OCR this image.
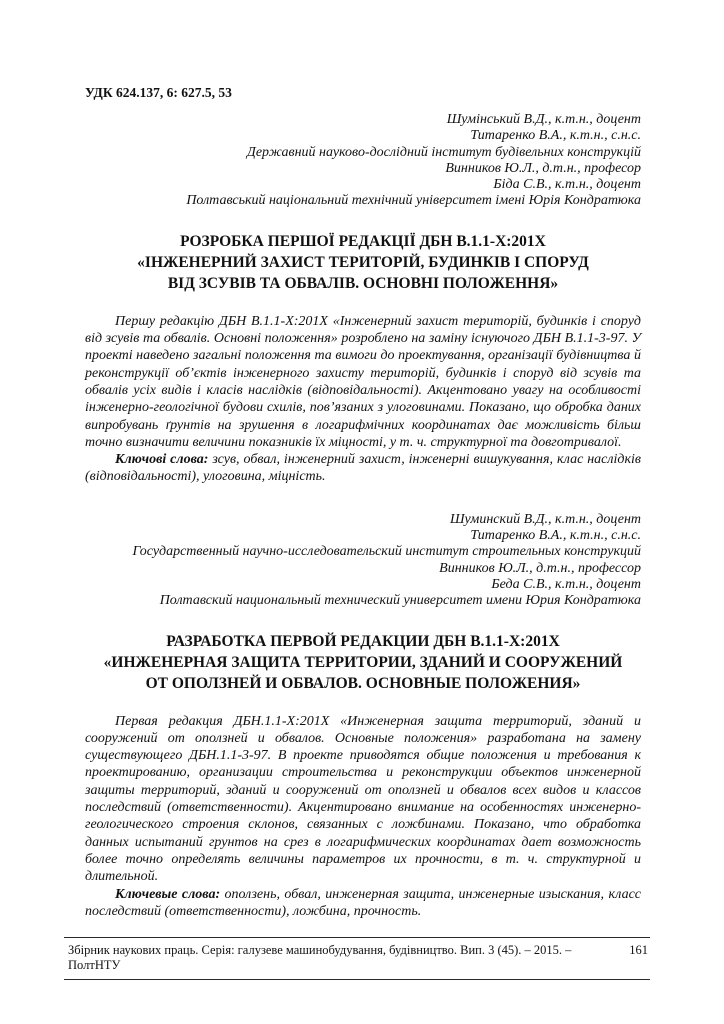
УДК 624.137, 6: 627.5, 53

Шумінський В.Д., к.т.н., доцент
Титаренко В.А., к.т.н., с.н.с.
Державний науково-дослідний інститут будівельних конструкцій
Винников Ю.Л., д.т.н., професор
Біда С.В., к.т.н., доцент
Полтавський національний технічний університет імені Юрія Кондратюка
РОЗРОБКА ПЕРШОЇ РЕДАКЦІЇ ДБН В.1.1-Х:201Х
«ІНЖЕНЕРНИЙ ЗАХИСТ ТЕРИТОРІЙ, БУДИНКІВ І СПОРУД
ВІД ЗСУВІВ ТА ОБВАЛІВ. ОСНОВНІ ПОЛОЖЕННЯ»

Першу редакцію ДБН В.1.1-Х:201Х «Інженерний захист територій, будинків і споруд від зсувів та обвалів. Основні положення» розроблено на заміну існуючого ДБН В.1.1-3-97. У проекті наведено загальні положення та вимоги до проектування, організації будівництва й реконструкції об’єктів інженерного захисту територій, будинків і споруд від зсувів та обвалів усіх видів і класів наслідків (відповідальності). Акцентовано увагу на особливості інженерно-геологічної будови схилів, пов’язаних з улоговинами. Показано, що обробка даних випробувань ґрунтів на зрушення в логарифмічних координатах дає можливість більш точно визначити величини показників їх міцності, у т. ч. структурної та довготривалої.

Ключові слова: зсув, обвал, інженерний захист, інженерні вишукування, клас наслідків (відповідальності), улоговина, міцність.

Шуминский В.Д., к.т.н., доцент
Титаренко В.А., к.т.н., с.н.с.
Государственный научно-исследовательский институт строительных конструкций
Винников Ю.Л., д.т.н., профессор
Беда С.В., к.т.н., доцент
Полтавский национальный технический университет имени Юрия Кондратюка
РАЗРАБОТКА ПЕРВОЙ РЕДАКЦИИ ДБН В.1.1-Х:201Х
«ИНЖЕНЕРНАЯ ЗАЩИТА ТЕРРИТОРИИ, ЗДАНИЙ И СООРУЖЕНИЙ
ОТ ОПОЛЗНЕЙ И ОБВАЛОВ. ОСНОВНЫЕ ПОЛОЖЕНИЯ»

Первая редакция ДБН.1.1-Х:201Х «Инженерная защита территорий, зданий и сооружений от оползней и обвалов. Основные положения» разработана на замену существующего ДБН.1.1-3-97. В проекте приводятся общие положения и требования к проектированию, организации строительства и реконструкции объектов инженерной защиты территорий, зданий и сооружений от оползней и обвалов всех видов и классов последствий (ответственности). Акцентировано внимание на особенностях инженерно-геологического строения склонов, связанных с ложбинами. Показано, что обработка данных испытаний грунтов на срез в логарифмических координатах дает возможность более точно определять величины параметров их прочности, в т. ч. структурной и длительной.

Ключевые слова: оползень, обвал, инженерная защита, инженерные изыскания, класс последствий (ответственности), ложбина, прочность.

Збірник наукових праць. Серія: галузеве машинобудування, будівництво. Вип. 3 (45). – 2015. – ПолтНТУ
161
